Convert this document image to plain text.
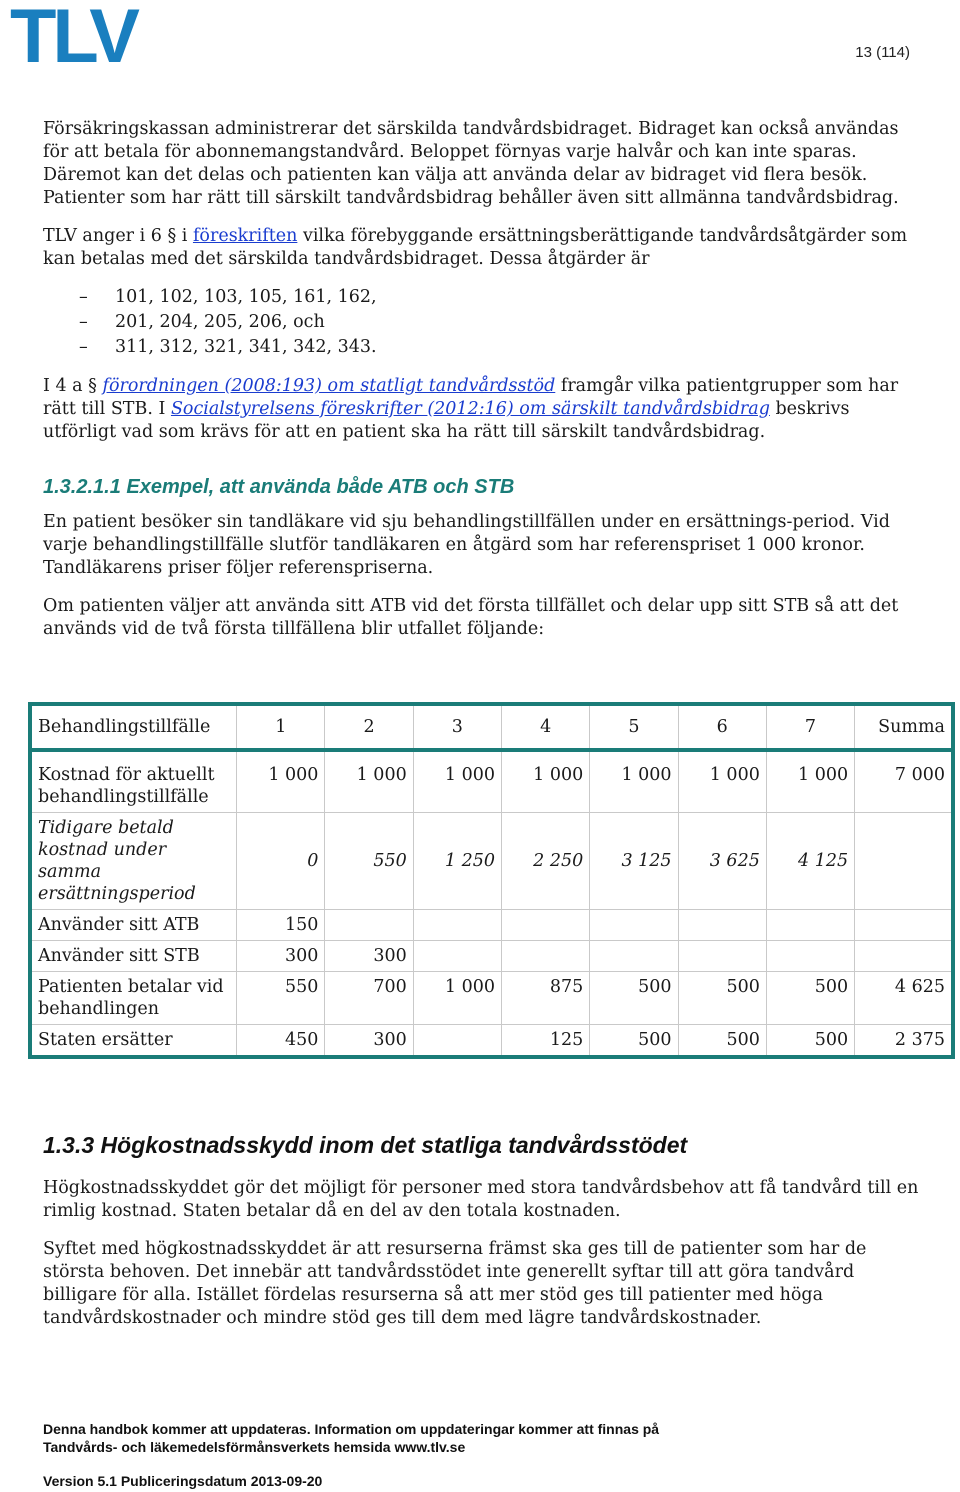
TLV	13 (114)

Försäkringskassan administrerar det särskilda tandvårdsbidraget. Bidraget kan också användas för att betala för abonnemangstandvård. Beloppet förnyas varje halvår och kan inte sparas. Däremot kan det delas och patienten kan välja att använda delar av bidraget vid flera besök. Patienter som har rätt till särskilt tandvårdsbidrag behåller även sitt allmänna tandvårdsbidrag.

TLV anger i 6 § i föreskriften vilka förebyggande ersättningsberättigande tandvårdsåtgärder som kan betalas med det särskilda tandvårdsbidraget. Dessa åtgärder är

– 101, 102, 103, 105, 161, 162,
– 201, 204, 205, 206, och
– 311, 312, 321, 341, 342, 343.

I 4 a § förordningen (2008:193) om statligt tandvårdsstöd framgår vilka patientgrupper som har rätt till STB. I Socialstyrelsens föreskrifter (2012:16) om särskilt tandvårdsbidrag beskrivs utförligt vad som krävs för att en patient ska ha rätt till särskilt tandvårdsbidrag.

1.3.2.1.1 Exempel, att använda både ATB och STB

En patient besöker sin tandläkare vid sju behandlingstillfällen under en ersättnings-period. Vid varje behandlingstillfälle slutför tandläkaren en åtgärd som har referenspriset 1 000 kronor. Tandläkarens priser följer referenspriserna.

Om patienten väljer att använda sitt ATB vid det första tillfället och delar upp sitt STB så att det används vid de två första tillfällena blir utfallet följande:

Behandlingstillfälle	1	2	3	4	5	6	7	Summa
Kostnad för aktuellt behandlingstillfälle	1 000	1 000	1 000	1 000	1 000	1 000	1 000	7 000
Tidigare betald kostnad under samma ersättningsperiod	0	550	1 250	2 250	3 125	3 625	4 125	
Använder sitt ATB	150							
Använder sitt STB	300	300						
Patienten betalar vid behandlingen	550	700	1 000	875	500	500	500	4 625
Staten ersätter	450	300		125	500	500	500	2 375
1.3.3 Högkostnadsskydd inom det statliga tandvårdsstödet

Högkostnadsskyddet gör det möjligt för personer med stora tandvårdsbehov att få tandvård till en rimlig kostnad. Staten betalar då en del av den totala kostnaden.

Syftet med högkostnadsskyddet är att resurserna främst ska ges till de patienter som har de största behoven. Det innebär att tandvårdsstödet inte generellt syftar till att göra tandvård billigare för alla. Istället fördelas resurserna så att mer stöd ges till patienter med höga tandvårdskostnader och mindre stöd ges till dem med lägre tandvårdskostnader.

Denna handbok kommer att uppdateras. Information om uppdateringar kommer att finnas på
Tandvårds- och läkemedelsförmånsverkets hemsida www.tlv.se
Version 5.1 Publiceringsdatum 2013-09-20
